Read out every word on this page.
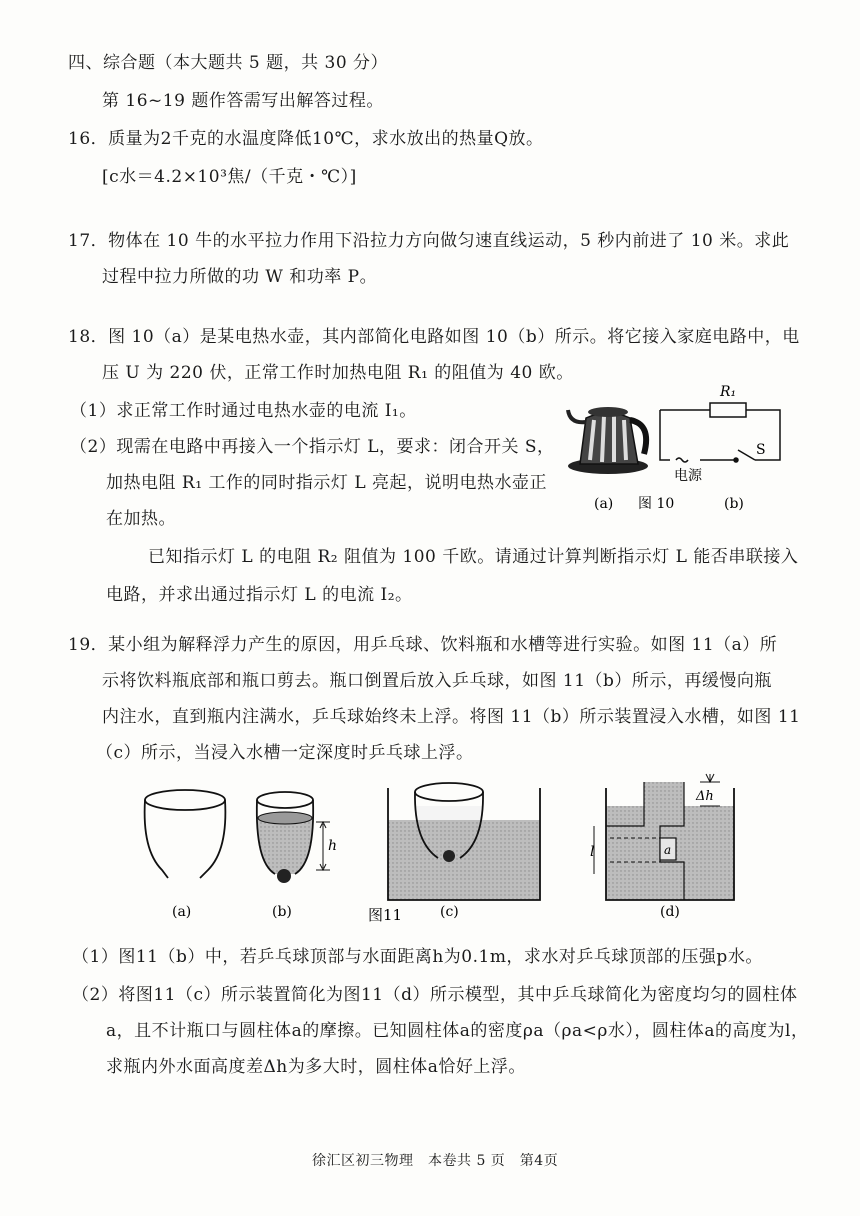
四、综合题（本大题共 5 题，共 30 分）
第 16~19 题作答需写出解答过程。
16．质量为2千克的水温度降低10℃，求水放出的热量Q放。
[c水＝4.2×10³焦/（千克・℃）]
17．物体在 10 牛的水平拉力作用下沿拉力方向做匀速直线运动，5 秒内前进了 10 米。求此
过程中拉力所做的功 W 和功率 P。
18．图 10（a）是某电热水壶，其内部简化电路如图 10（b）所示。将它接入家庭电路中，电
压 U 为 220 伏，正常工作时加热电阻 R₁ 的阻值为 40 欧。
（1）求正常工作时通过电热水壶的电流 I₁。
（2）现需在电路中再接入一个指示灯 L，要求：闭合开关 S，
加热电阻 R₁ 工作的同时指示灯 L 亮起，说明电热水壶正
在加热。
已知指示灯 L 的电阻 R₂ 阻值为 100 千欧。请通过计算判断指示灯 L 能否串联接入
电路，并求出通过指示灯 L 的电流 I₂。
R₁
电源
S
(a) 图 10	(b)
19．某小组为解释浮力产生的原因，用乒乓球、饮料瓶和水槽等进行实验。如图 11（a）所
示将饮料瓶底部和瓶口剪去。瓶口倒置后放入乒乓球，如图 11（b）所示，再缓慢向瓶
内注水，直到瓶内注满水，乒乓球始终未上浮。将图 11（b）所示装置浸入水槽，如图 11
（c）所示，当浸入水槽一定深度时乒乓球上浮。
h	l	a
Δh
(a)	(b)	图11	(c)	(d)
（1）图11（b）中，若乒乓球顶部与水面距离h为0.1m，求水对乒乓球顶部的压强p水。
（2）将图11（c）所示装置简化为图11（d）所示模型，其中乒乓球简化为密度均匀的圆柱体
a，且不计瓶口与圆柱体a的摩擦。已知圆柱体a的密度ρa（ρa<ρ水），圆柱体a的高度为l，
求瓶内外水面高度差Δh为多大时，圆柱体a恰好上浮。
徐汇区初三物理　本卷共 5 页　第4页
